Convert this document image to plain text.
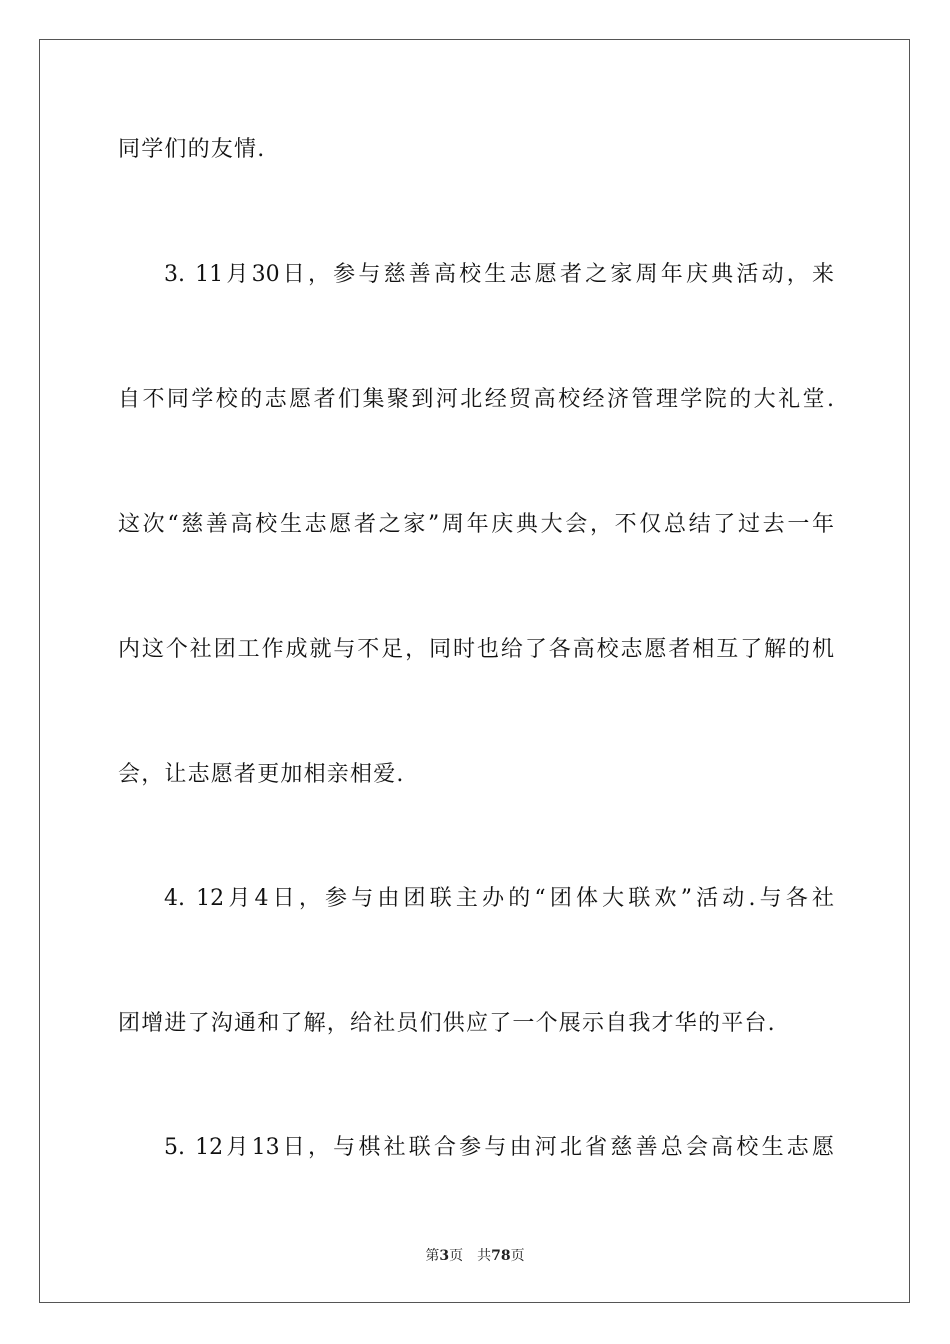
同学们的友情.
3. 11月30日，参与慈善高校生志愿者之家周年庆典活动，来
自不同学校的志愿者们集聚到河北经贸高校经济管理学院的大礼堂.
这次“慈善高校生志愿者之家”周年庆典大会，不仅总结了过去一年
内这个社团工作成就与不足，同时也给了各高校志愿者相互了解的机
会，让志愿者更加相亲相爱.
4. 12月4日，参与由团联主办的“团体大联欢”活动.与各社
团增进了沟通和了解，给社员们供应了一个展示自我才华的平台.
5. 12月13日，与棋社联合参与由河北省慈善总会高校生志愿
第3页 共78页
